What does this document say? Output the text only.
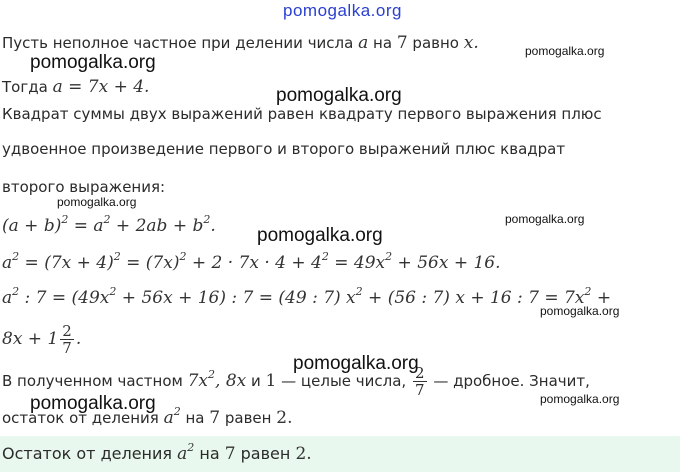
pomogalka.org
Пусть неполное частное при делении числа a на 7 равно x.
Тогда a = 7x + 4.
Квадрат суммы двух выражений равен квадрату первого выражения плюс
удвоенное произведение первого и второго выражений плюс квадрат
второго выражения:
$(a + b)^2 = a^2 + 2ab + b^2$.
$a^2 = (7x + 4)^2 = (7x)^2 + 2 \cdot 7x \cdot 4 + 4^2 = 49x^2 + 56x + 16$.
$a^2$ : $7 = (49x^2 + 56x + 16)$ : 7 = (49 : 7) $x^2 + (56$ : 7) x + 16 : $7 = 7x^2$ +
$8x + 1 \frac{2}{7}$ .
В полученном частном $7x^2$, 8x и 1 — целые числа, $\frac{2}{7}$ — дробное. Значит,
остаток от деления $a^2$ на 7 равен 2.
Остаток от деления $a^2$ на 7 равен 2.
pomogalka.org
pomogalka.org
pomogalka.org
pomogalka.org
pomogalka.org
pomogalka.org
pomogalka.org
pomogalka.org
pomogalka.org	pomogalka.org
